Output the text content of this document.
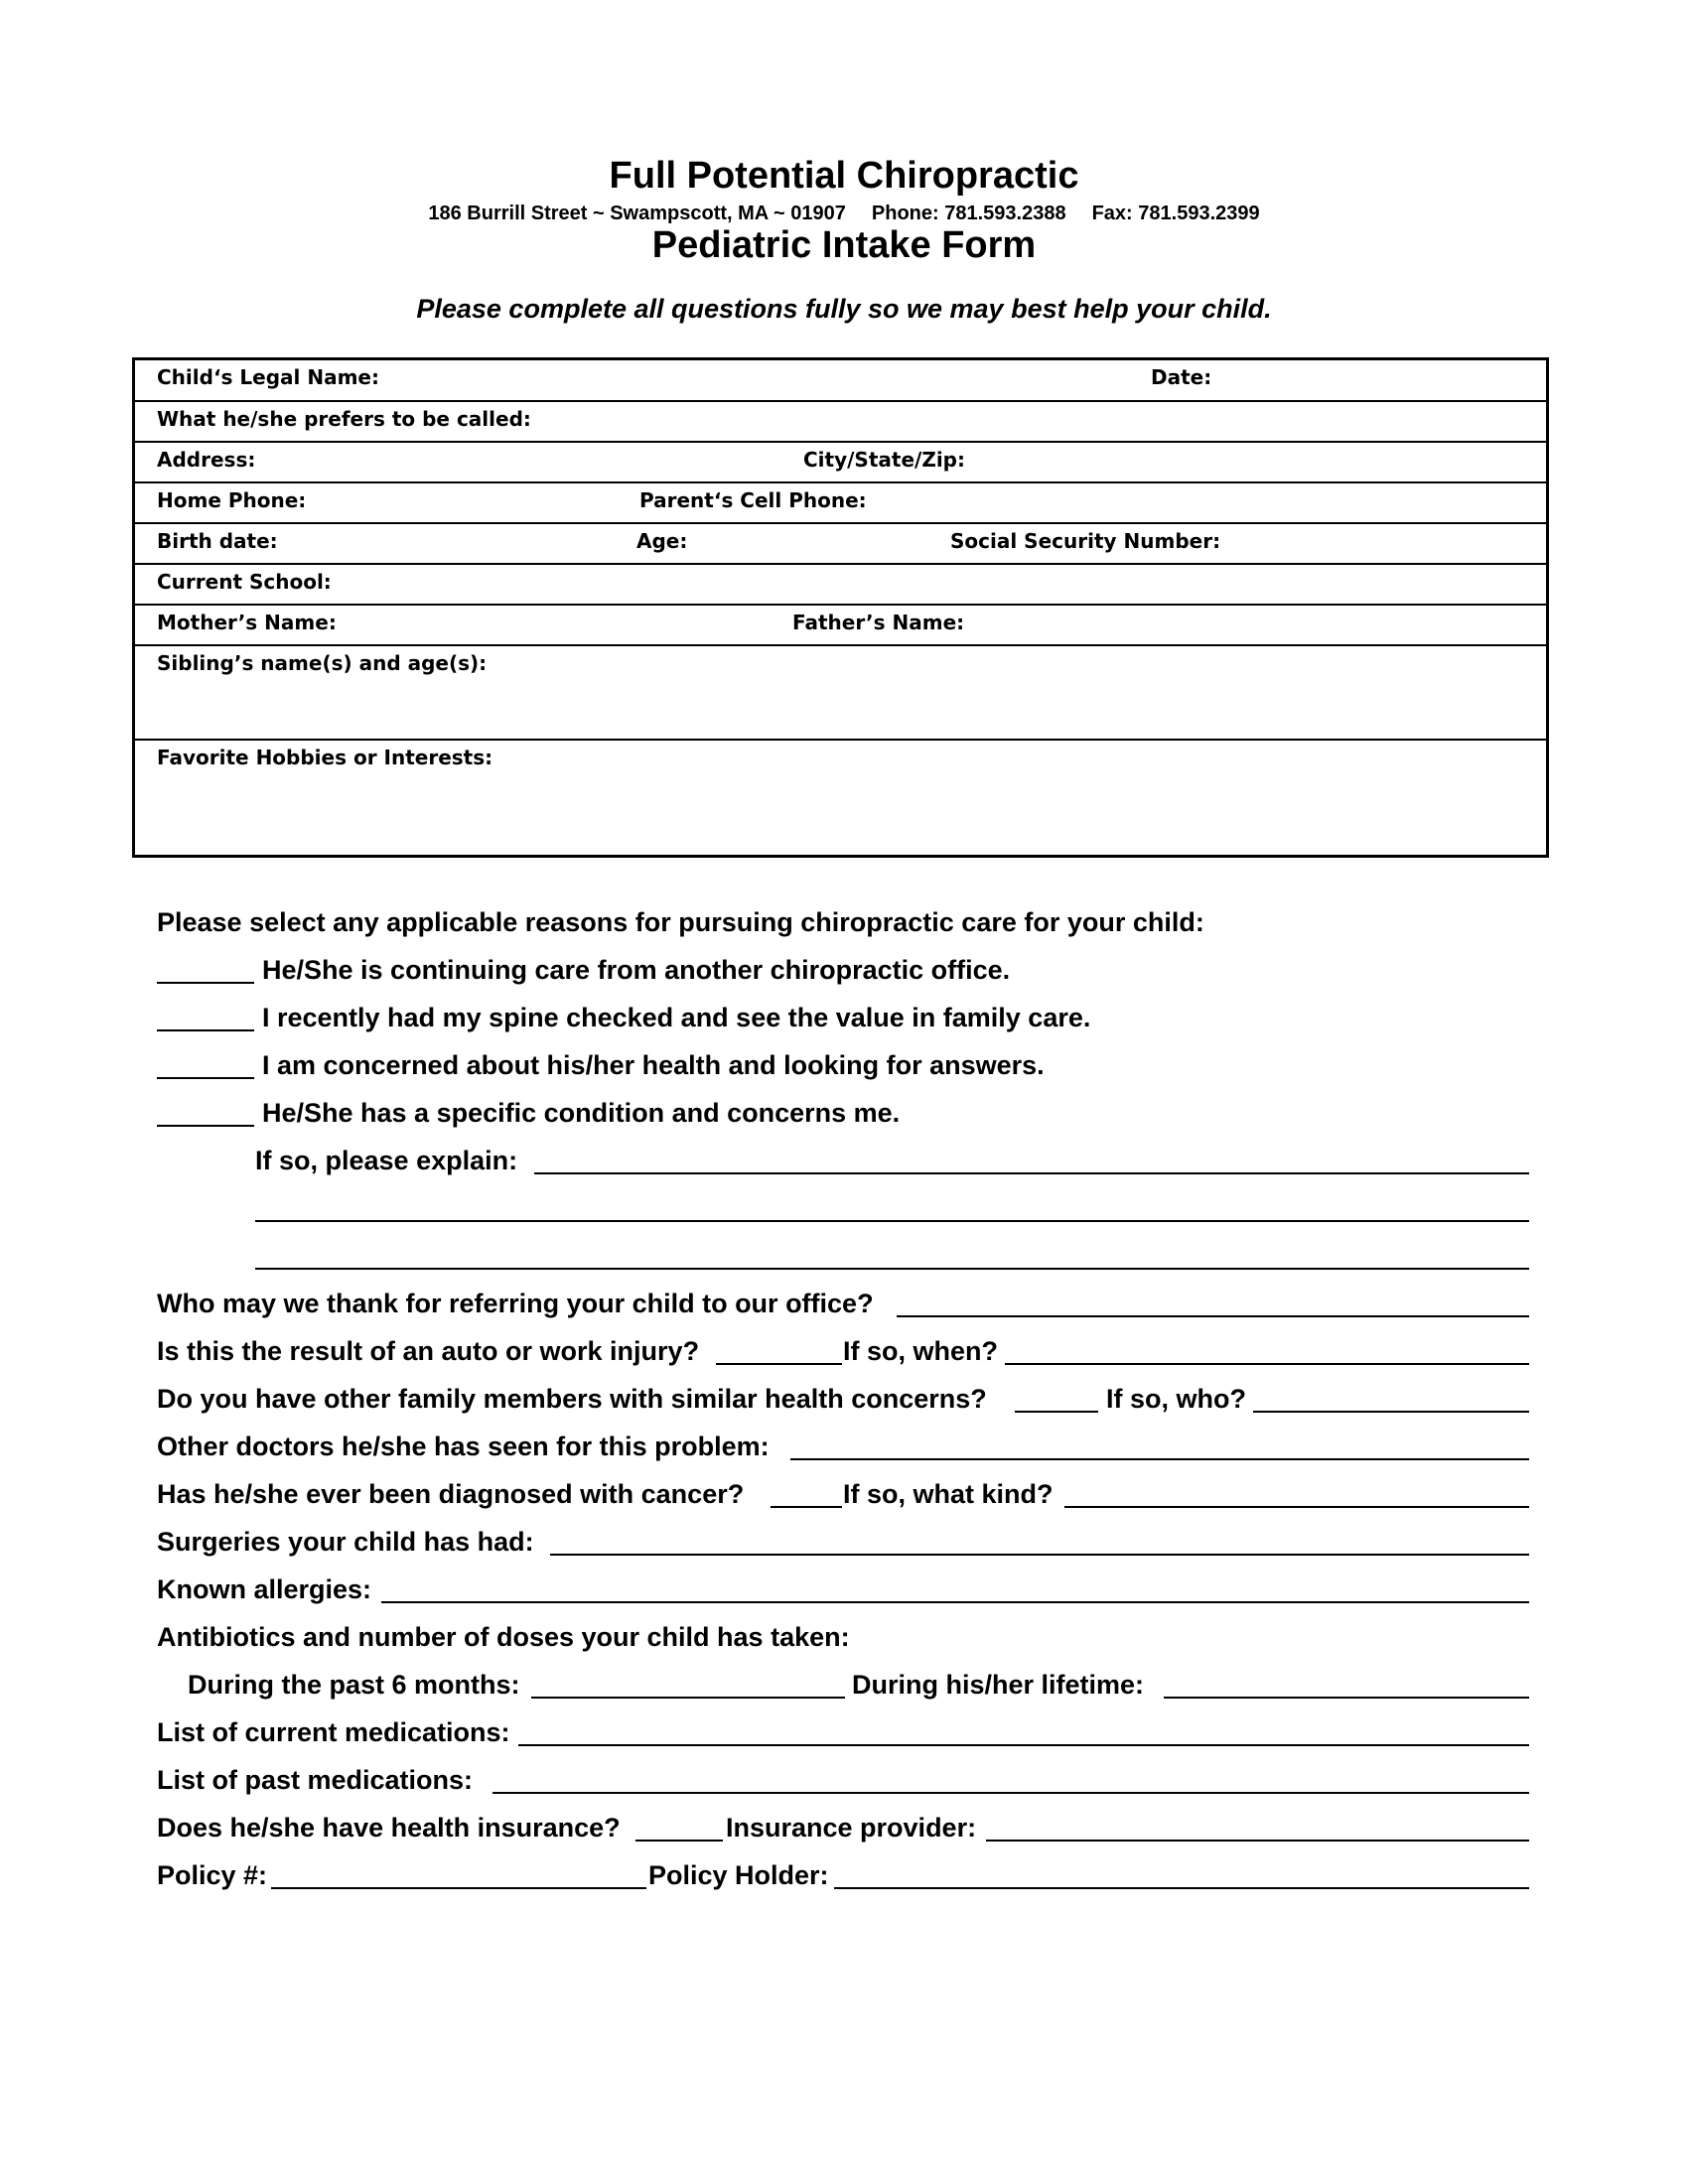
Full Potential Chiropractic
186 Burrill Street ~ Swampscott, MA ~ 01907 Phone: 781.593.2388 Fax: 781.593.2399
Pediatric Intake Form
Please complete all questions fully so we may best help your child.
Child‘s Legal Name:	Date:
What he/she prefers to be called:
Address:	City/State/Zip:
Home Phone:	Parent‘s Cell Phone:
Birth date:	Age:	Social Security Number:
Current School:
Mother’s Name:	Father’s Name:
Sibling’s name(s) and age(s):
Favorite Hobbies or Interests:
Please select any applicable reasons for pursuing chiropractic care for your child:
He/She is continuing care from another chiropractic office.
I recently had my spine checked and see the value in family care.
I am concerned about his/her health and looking for answers.
He/She has a specific condition and concerns me.
If so, please explain:
Who may we thank for referring your child to our office?
Is this the result of an auto or work injury?	If so, when?
Do you have other family members with similar health concerns?	If so, who?
Other doctors he/she has seen for this problem:
Has he/she ever been diagnosed with cancer?	If so, what kind?
Surgeries your child has had:
Known allergies:
Antibiotics and number of doses your child has taken:
During the past 6 months:	During his/her lifetime:
List of current medications:
List of past medications:
Does he/she have health insurance?	Insurance provider:
Policy #:	Policy Holder:
